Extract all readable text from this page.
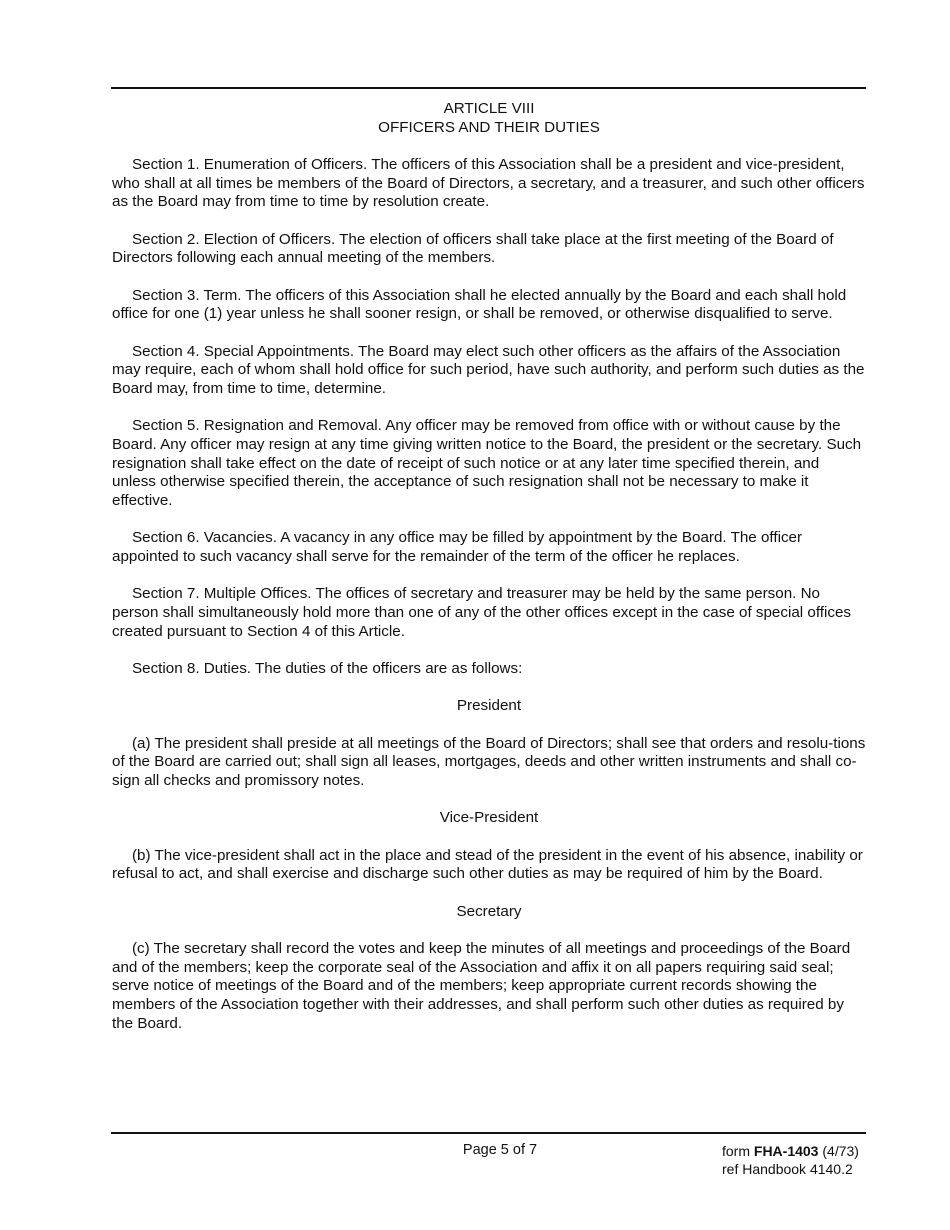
ARTICLE VIII

OFFICERS AND THEIR DUTIES

Section 1. Enumeration of Officers. The officers of this Association shall be a president and vice-president, who shall at all times be members of the Board of Directors, a secretary, and a treasurer, and such other officers as the Board may from time to time by resolution create.

Section 2. Election of Officers. The election of officers shall take place at the first meeting of the Board of Directors following each annual meeting of the members.

Section 3. Term. The officers of this Association shall he elected annually by the Board and each shall hold office for one (1) year unless he shall sooner resign, or shall be removed, or otherwise disqualified to serve.

Section 4. Special Appointments. The Board may elect such other officers as the affairs of the Association may require, each of whom shall hold office for such period, have such authority, and perform such duties as the Board may, from time to time, determine.

Section 5. Resignation and Removal. Any officer may be removed from office with or without cause by the Board. Any officer may resign at any time giving written notice to the Board, the president or the secretary. Such resignation shall take effect on the date of receipt of such notice or at any later time specified therein, and unless otherwise specified therein, the acceptance of such resignation shall not be necessary to make it effective.

Section 6. Vacancies. A vacancy in any office may be filled by appointment by the Board. The officer appointed to such vacancy shall serve for the remainder of the term of the officer he replaces.

Section 7. Multiple Offices. The offices of secretary and treasurer may be held by the same person. No person shall simultaneously hold more than one of any of the other offices except in the case of special offices created pursuant to Section 4 of this Article.

Section 8. Duties. The duties of the officers are as follows:

President

(a) The president shall preside at all meetings of the Board of Directors; shall see that orders and resolu-tions of the Board are carried out; shall sign all leases, mortgages, deeds and other written instruments and shall co-sign all checks and promissory notes.

Vice-President

(b) The vice-president shall act in the place and stead of the president in the event of his absence, inability or refusal to act, and shall exercise and discharge such other duties as may be required of him by the Board.

Secretary

(c) The secretary shall record the votes and keep the minutes of all meetings and proceedings of the Board and of the members; keep the corporate seal of the Association and affix it on all papers requiring said seal; serve notice of meetings of the Board and of the members; keep appropriate current records showing the members of the Association together with their addresses, and shall perform such other duties as required by the Board.

Page 5 of 7	form FHA-1403 (4/73)
ref Handbook 4140.2
